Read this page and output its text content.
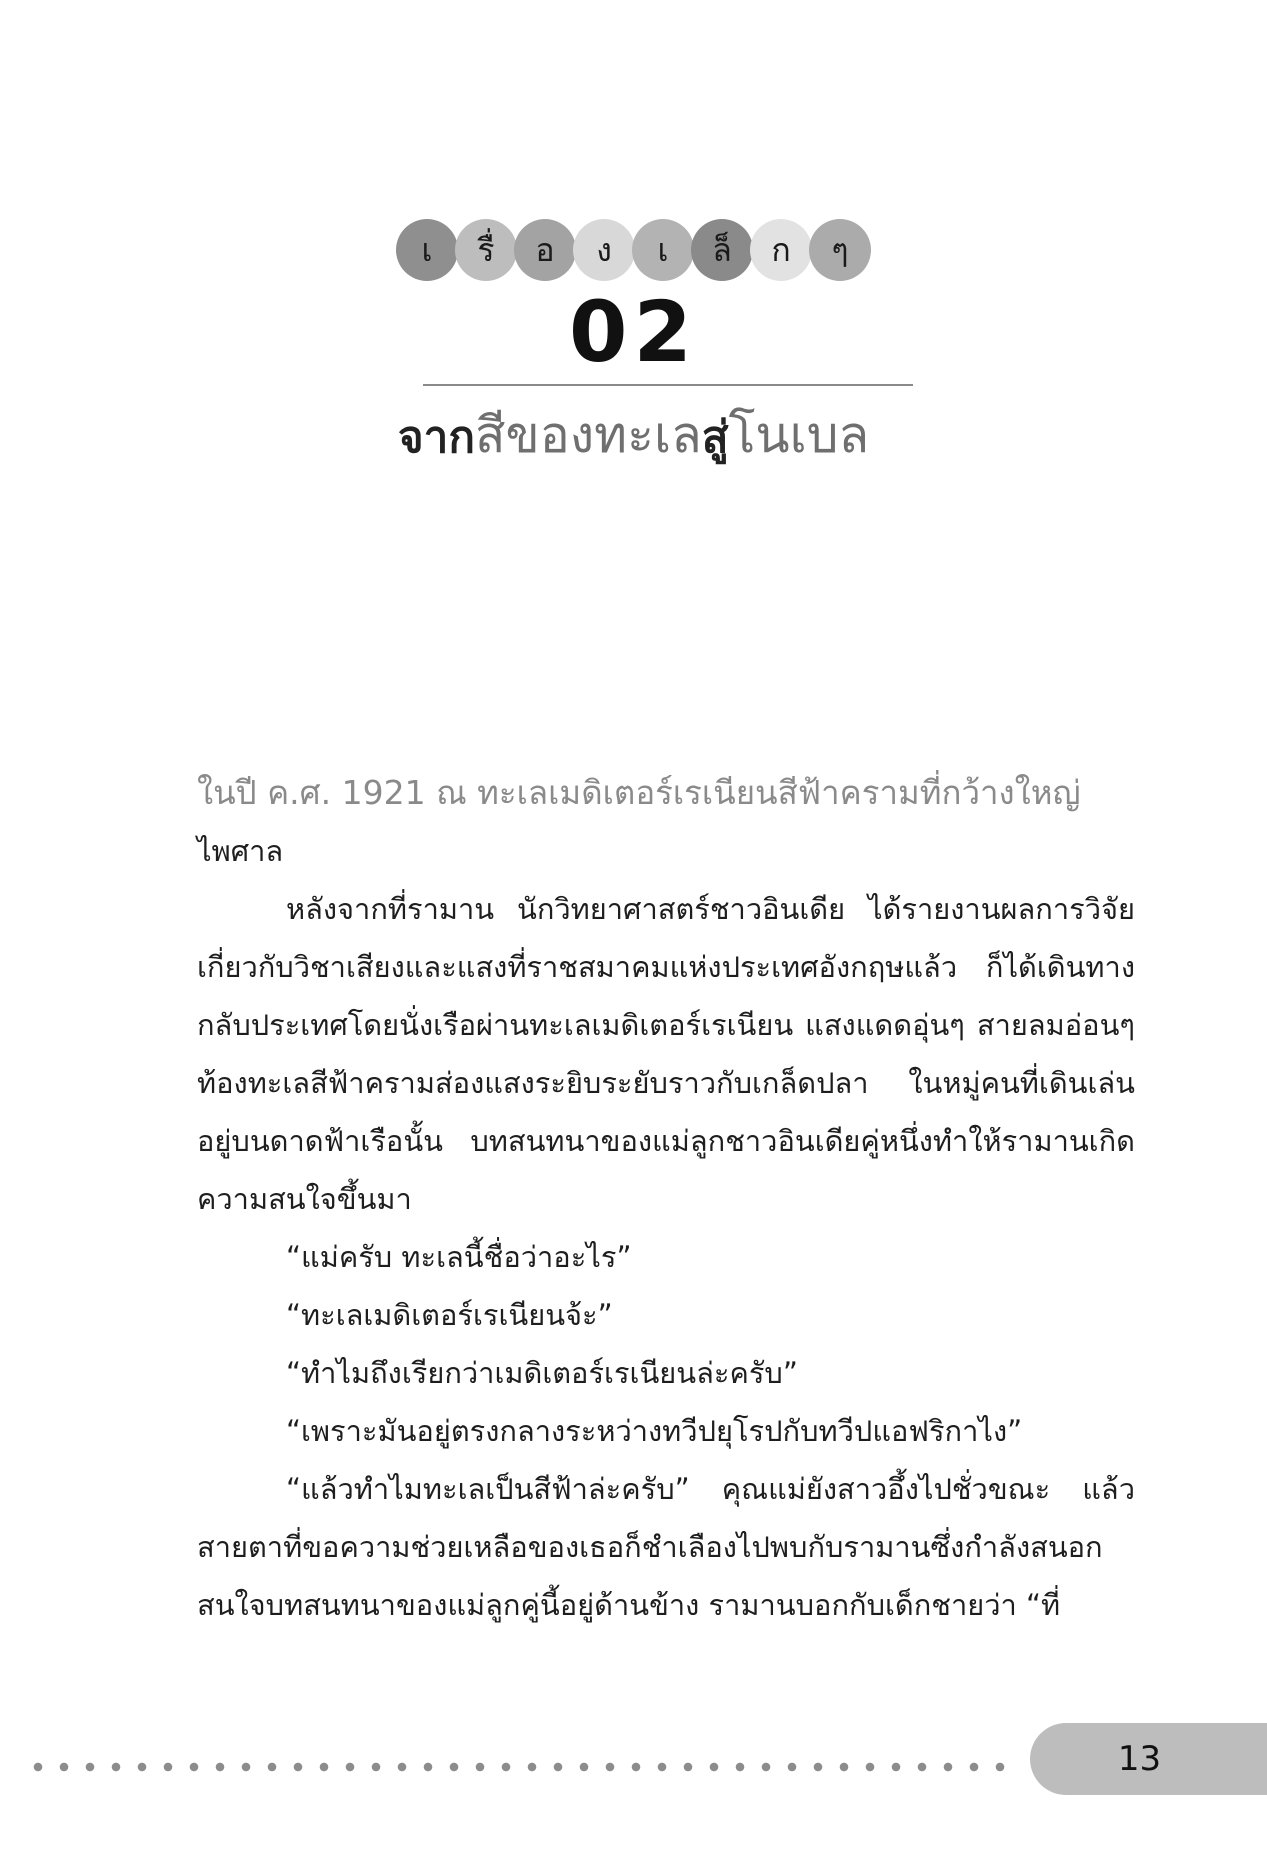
เ รื่ อ ง เ ล็ ก ๆ
02
จากสีของทะเลสู่โนเบล

ในปี ค.ศ. 1921 ณ ทะเลเมดิเตอร์เรเนียนสีฟ้าครามที่กว้างใหญ่

ไพศาล

หลังจากที่รามาน นักวิทยาศาสตร์ชาวอินเดีย ได้รายงานผลการวิจัยเกี่ยวกับวิชาเสียงและแสงที่ราชสมาคมแห่งประเทศอังกฤษแล้ว ก็ได้เดินทางกลับประเทศโดยนั่งเรือผ่านทะเลเมดิเตอร์เรเนียน แสงแดดอุ่นๆ สายลมอ่อนๆ ท้องทะเลสีฟ้าครามส่องแสงระยิบระยับราวกับเกล็ดปลา ในหมู่คนที่เดินเล่นอยู่บนดาดฟ้าเรือนั้น บทสนทนาของแม่ลูกชาวอินเดียคู่หนึ่งทำให้รามานเกิดความสนใจขึ้นมา

“แม่ครับ ทะเลนี้ชื่อว่าอะไร”

“ทะเลเมดิเตอร์เรเนียนจ้ะ”

“ทำไมถึงเรียกว่าเมดิเตอร์เรเนียนล่ะครับ”

“เพราะมันอยู่ตรงกลางระหว่างทวีปยุโรปกับทวีปแอฟริกาไง”

“แล้วทำไมทะเลเป็นสีฟ้าล่ะครับ” คุณแม่ยังสาวอึ้งไปชั่วขณะ แล้วสายตาที่ขอความช่วยเหลือของเธอก็ชำเลืองไปพบกับรามานซึ่งกำลังสนอกสนใจบทสนทนาของแม่ลูกคู่นี้อยู่ด้านข้าง รามานบอกกับเด็กชายว่า “ที่

13
